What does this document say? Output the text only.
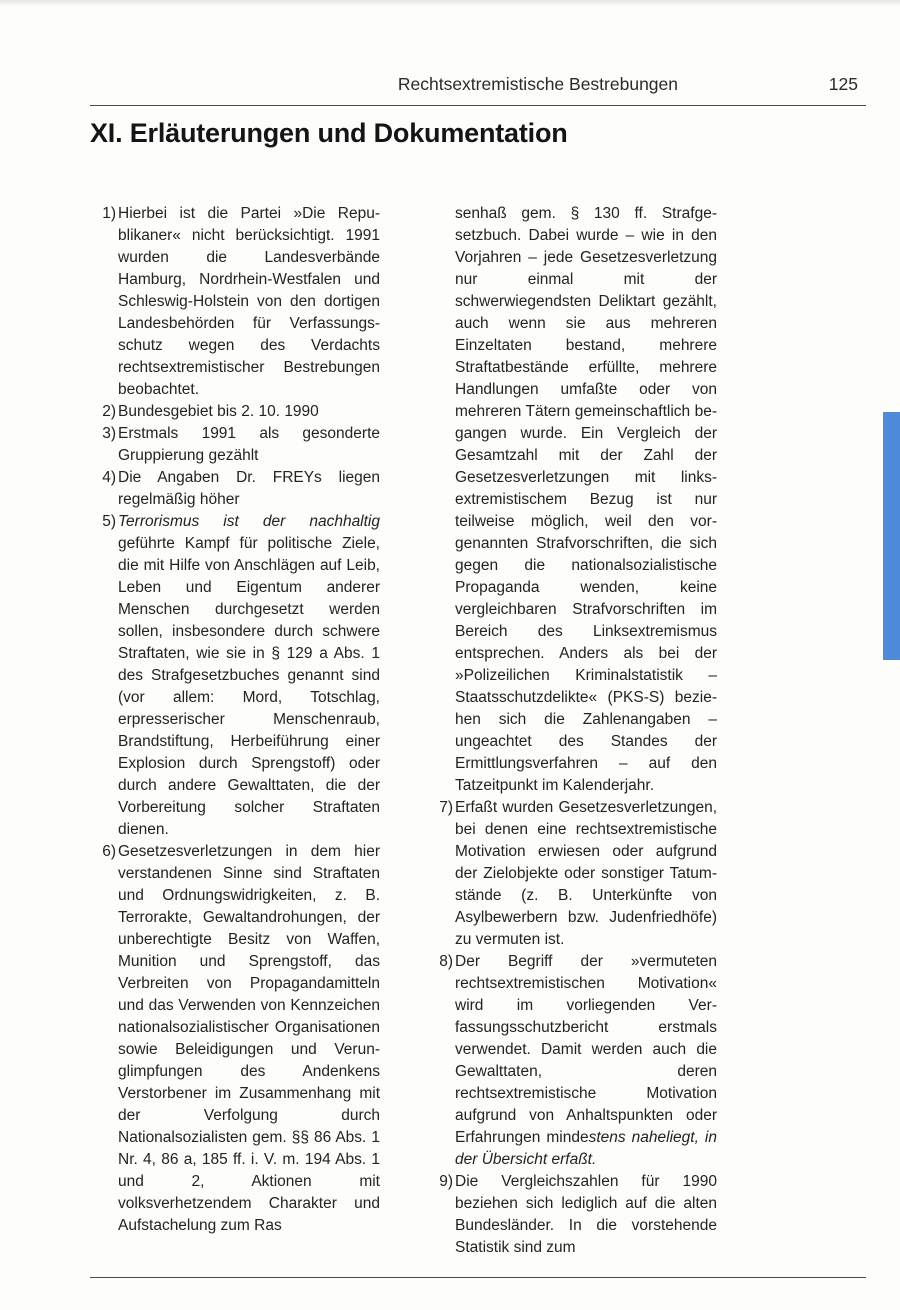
Rechtsextremistische Bestrebungen	125
XI. Erläuterungen und Dokumentation
1) Hierbei ist die Partei »Die Republikaner« nicht berücksichtigt. 1991 wurden die Landesverbände Hamburg, Nordrhein-Westfalen und Schleswig-Holstein von den dortigen Landesbehörden für Verfassungsschutz wegen des Verdachts rechtsextremistischer Bestrebungen beobachtet.
2) Bundesgebiet bis 2. 10. 1990
3) Erstmals 1991 als gesonderte Gruppierung gezählt
4) Die Angaben Dr. FREYs liegen regelmäßig höher
5) Terrorismus ist der nachhaltig geführte Kampf für politische Ziele, die mit Hilfe von Anschlägen auf Leib, Leben und Eigentum anderer Menschen durchgesetzt werden sollen, insbesondere durch schwere Straftaten, wie sie in § 129 a Abs. 1 des Strafgesetzbuches genannt sind (vor allem: Mord, Totschlag, erpresserischer Menschenraub, Brandstiftung, Herbeiführung einer Explosion durch Sprengstoff) oder durch andere Gewalttaten, die der Vorbereitung solcher Straftaten dienen.
6) Gesetzesverletzungen in dem hier verstandenen Sinne sind Straftaten und Ordnungswidrigkeiten, z. B. Terrorakte, Gewaltandrohungen, der unberechtigte Besitz von Waffen, Munition und Sprengstoff, das Verbreiten von Propagandamitteln und das Verwenden von Kennzeichen nationalsozialistischer Organisationen sowie Beleidigungen und Verunglimpfungen des Andenkens Verstorbener im Zusammenhang mit der Verfolgung durch Nationalsozialisten gem. §§ 86 Abs. 1 Nr. 4, 86 a, 185 ff. i. V. m. 194 Abs. 1 und 2, Aktionen mit volksverhetzendem Charakter und Aufstachelung zum Ras
senhaß gem. § 130 ff. Strafgesetzbuch. Dabei wurde – wie in den Vorjahren – jede Gesetzesverletzung nur einmal mit der schwerwiegendsten Deliktart gezählt, auch wenn sie aus mehreren Einzeltaten bestand, mehrere Straftatbestände erfüllte, mehrere Handlungen umfaßte oder von mehreren Tätern gemeinschaftlich begangen wurde. Ein Vergleich der Gesamtzahl mit der Zahl der Gesetzesverletzungen mit linksextremistischem Bezug ist nur teilweise möglich, weil den vorgenannten Strafvorschriften, die sich gegen die nationalsozialistische Propaganda wenden, keine vergleichbaren Strafvorschriften im Bereich des Linksextremismus entsprechen. Anders als bei der »Polizeilichen Kriminalstatistik – Staatsschutzdelikte« (PKS-S) beziehen sich die Zahlenangaben – ungeachtet des Standes der Ermittlungsverfahren – auf den Tatzeitpunkt im Kalenderjahr.
7) Erfaßt wurden Gesetzesverletzungen, bei denen eine rechtsextremistische Motivation erwiesen oder aufgrund der Zielobjekte oder sonstiger Tatumstände (z. B. Unterkünfte von Asylbewerbern bzw. Judenfriedhöfe) zu vermuten ist.
8) Der Begriff der »vermuteten rechtsextremistischen Motivation« wird im vorliegenden Verfassungsschutzbericht erstmals verwendet. Damit werden auch die Gewalttaten, deren rechtsextremistische Motivation aufgrund von Anhaltspunkten oder Erfahrungen mindestens naheliegt, in der Übersicht erfaßt.
9) Die Vergleichszahlen für 1990 beziehen sich lediglich auf die alten Bundesländer. In die vorstehende Statistik sind zum
